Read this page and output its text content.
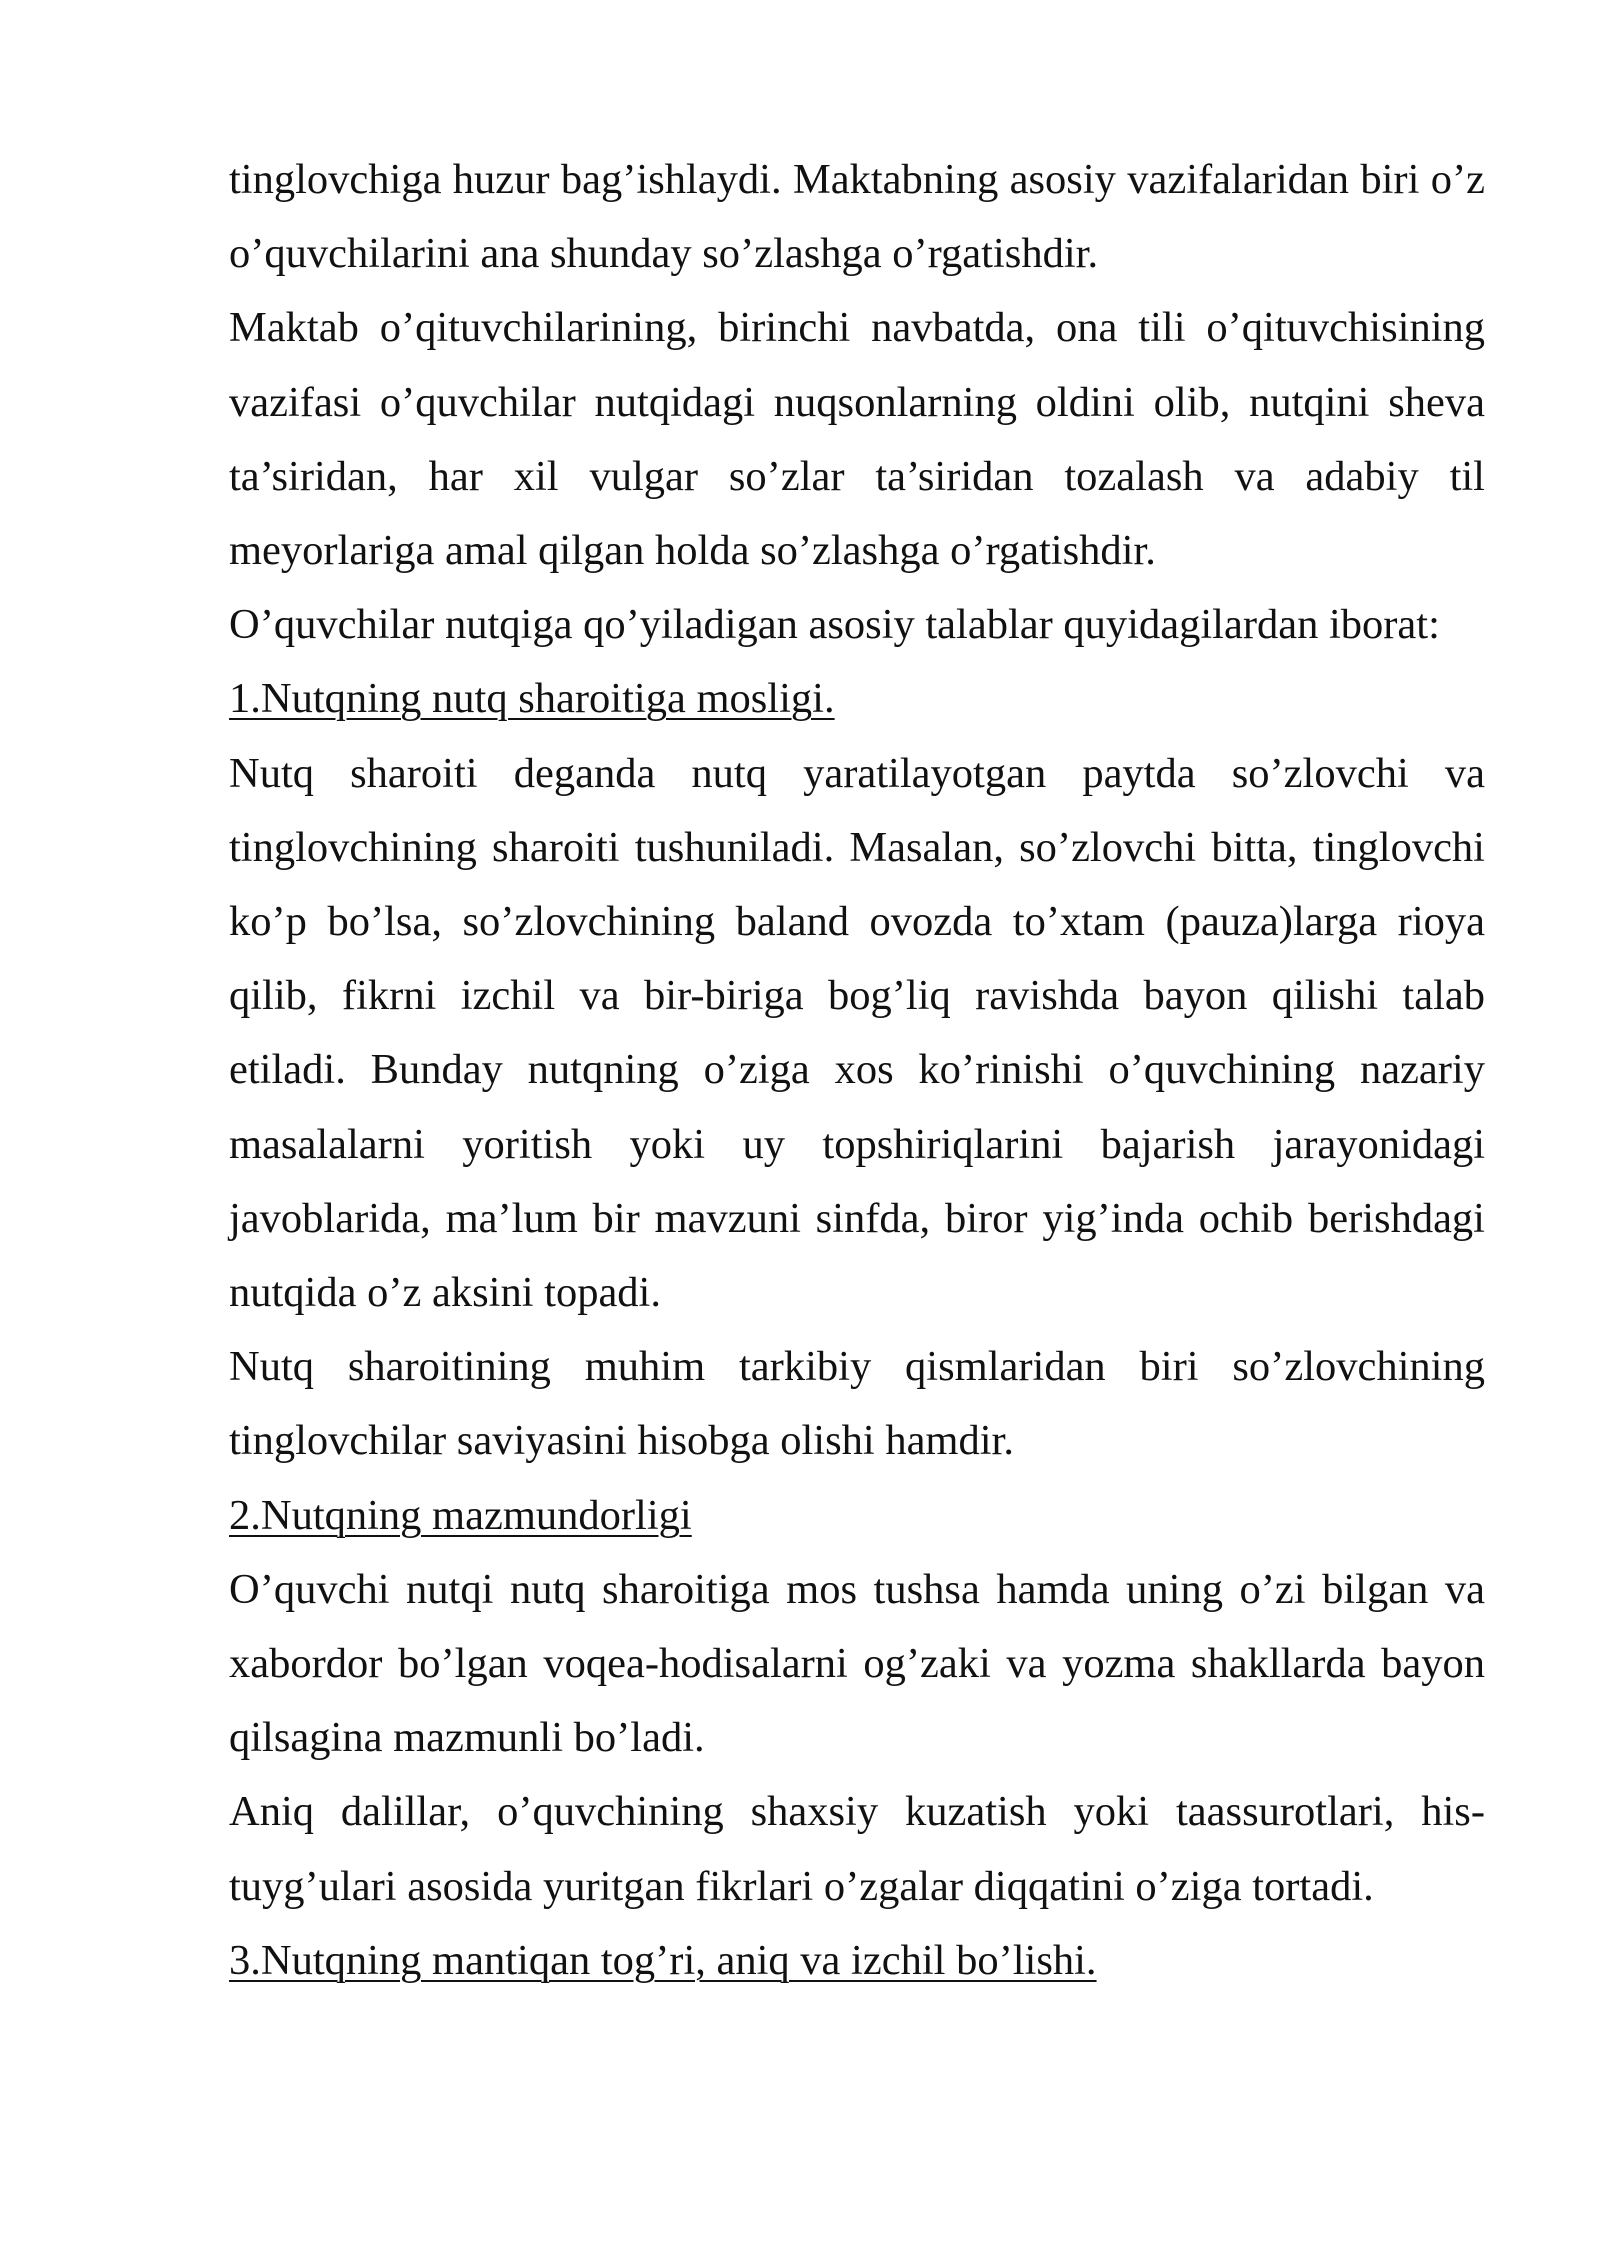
tinglovchiga huzur bag’ishlaydi. Maktabning asosiy vazifalaridan biri o’z o’quvchilarini ana shunday so’zlashga o’rgatishdir.

Maktab o’qituvchilarining, birinchi navbatda, ona tili o’qituvchisining vazifasi o’quvchilar nutqidagi nuqsonlarning oldini olib, nutqini sheva ta’siridan, har xil vulgar so’zlar ta’siridan tozalash va adabiy til meyorlariga amal qilgan holda so’zlashga o’rgatishdir.

O’quvchilar nutqiga qo’yiladigan asosiy talablar quyidagilardan iborat:

1.Nutqning nutq sharoitiga mosligi.

Nutq sharoiti deganda nutq yaratilayotgan paytda so’zlovchi va tinglovchining sharoiti tushuniladi. Masalan, so’zlovchi bitta, tinglovchi ko’p bo’lsa, so’zlovchining baland ovozda to’xtam (pauza)larga rioya qilib, fikrni izchil va bir-biriga bog’liq ravishda bayon qilishi talab etiladi. Bunday nutqning o’ziga xos ko’rinishi o’quvchining nazariy masalalarni yoritish yoki uy topshiriqlarini bajarish jarayonidagi javoblarida, ma’lum bir mavzuni sinfda, biror yig’inda ochib berishdagi nutqida o’z aksini topadi.

Nutq sharoitining muhim tarkibiy qismlaridan biri so’zlovchining tinglovchilar saviyasini hisobga olishi hamdir.

2.Nutqning mazmundorligi

O’quvchi nutqi nutq sharoitiga mos tushsa hamda uning o’zi bilgan va xabordor bo’lgan voqea-hodisalarni og’zaki va yozma shakllarda bayon qilsagina mazmunli bo’ladi.

Aniq dalillar, o’quvchining shaxsiy kuzatish yoki taassurotlari, his-tuyg’ulari asosida yuritgan fikrlari o’zgalar diqqatini o’ziga tortadi.

3.Nutqning mantiqan tog’ri, aniq va izchil bo’lishi.
